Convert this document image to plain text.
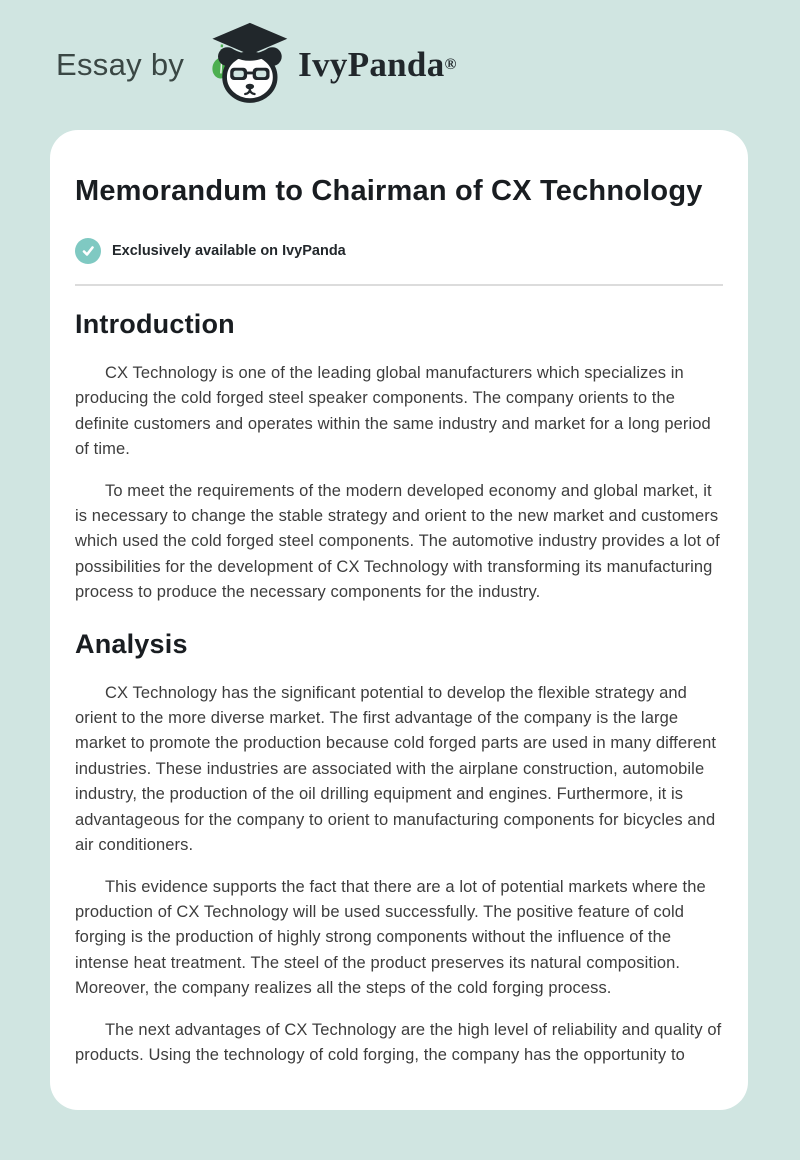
Essay by	IvyPanda ®
Memorandum to Chairman of CX Technology
Exclusively available on IvyPanda
Introduction

CX Technology is one of the leading global manufacturers which specializes in producing the cold forged steel speaker components. The company orients to the definite customers and operates within the same industry and market for a long period of time.

To meet the requirements of the modern developed economy and global market, it is necessary to change the stable strategy and orient to the new market and customers which used the cold forged steel components. The automotive industry provides a lot of possibilities for the development of CX Technology with transforming its manufacturing process to produce the necessary components for the industry.

Analysis

CX Technology has the significant potential to develop the flexible strategy and orient to the more diverse market. The first advantage of the company is the large market to promote the production because cold forged parts are used in many different industries. These industries are associated with the airplane construction, automobile industry, the production of the oil drilling equipment and engines. Furthermore, it is advantageous for the company to orient to manufacturing components for bicycles and air conditioners.

This evidence supports the fact that there are a lot of potential markets where the production of CX Technology will be used successfully. The positive feature of cold forging is the production of highly strong components without the influence of the intense heat treatment. The steel of the product preserves its natural composition. Moreover, the company realizes all the steps of the cold forging process.

The next advantages of CX Technology are the high level of reliability and quality of products. Using the technology of cold forging, the company has the opportunity to
